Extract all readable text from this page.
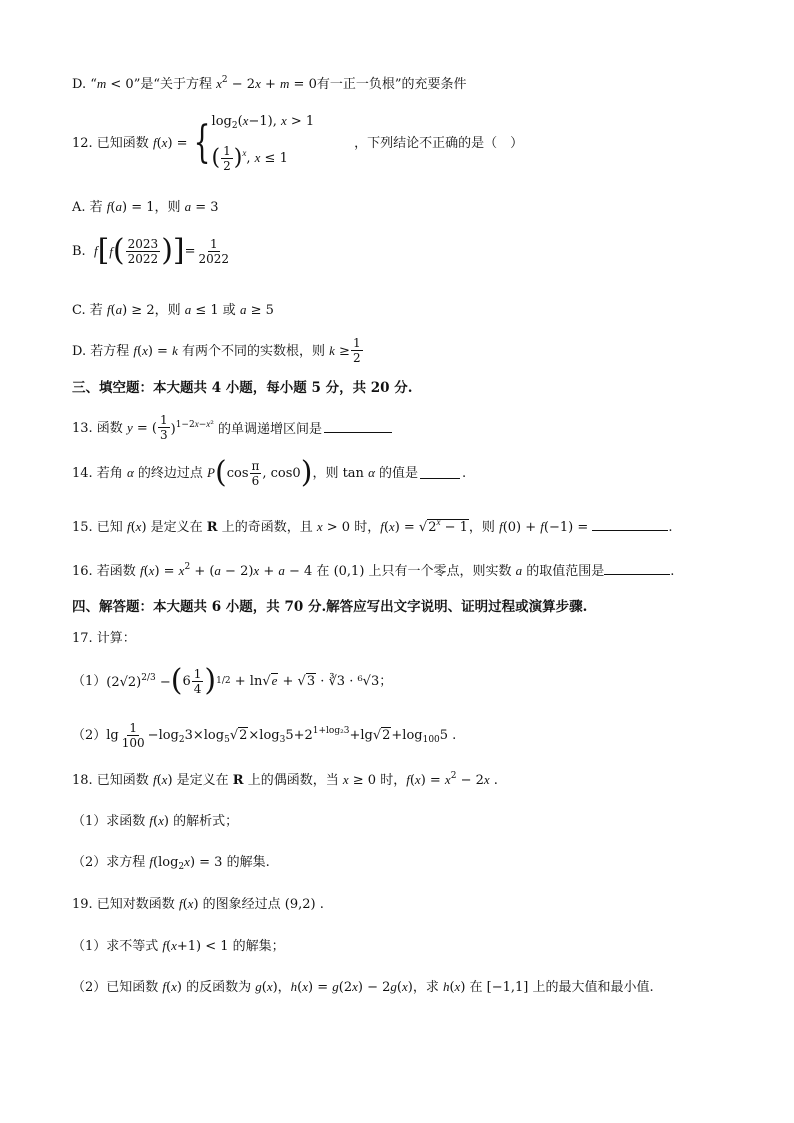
D. “m < 0”是“关于方程 $x^2 - 2x + m = 0$有一正一负根”的充要条件
12. 已知函数 f(x) = { $\log_2(x-1)$, x > 1
( $\frac{1}{2} )^x$, x ≤ 1
，下列结论不正确的是（　）
A. 若 f(a) = 1，则 a = 3
B.  f [ f ( $\frac{2023}{2022}$ ) ] = $\frac{1}{2022}$
C. 若 f(a) ≥ 2，则 a ≤ 1 或 a ≥ 5
D. 若方程 f(x) = k 有两个不同的实数根，则 $k \ge \frac{1}{2}$
三、填空题：本大题共 4 小题，每小题 5 分，共 20 分.
13. 函数 y = ( $\frac{1}{3} )^{1-2x-x^2}$ 的单调递增区间是
14. 若角 α 的终边过点 P ( $\cos \frac{\pi}{6}$ , cos0 ) ，则 tan α 的值是	.
15. 已知 f(x) 是定义在 R 上的奇函数，且 x > 0 时，$f(x) = √2^x - 1$，则 f(0) + f(−1) =	.
16. 若函数 $f(x) = x^2 + (a - 2)x + a - 4$ 在 (0,1) 上只有一个零点，则实数 a 的取值范围是	.
四、解答题：本大题共 6 小题，共 70 分.解答应写出文字说明、证明过程或演算步骤.
17. 计算：
（1） $(2√2)^{2/3}$ − ( $6 \frac{1}{4}$ ) 1/2 + ln√e + √3 · ∛3 · ⁶√3；
$(2)\lg \frac{1}{100} -\log_23\times\log_5√2\times\log_35+2^{1+log_23}+\lg√2+\log_{100}5$ .
18. 已知函数 f(x) 是定义在 R 上的偶函数，当 x ≥ 0 时，$f(x) = x^2 - 2x$ .
（1）求函数 f(x) 的解析式；
（2）求方程 $f(\log_2x) = 3$ 的解集.
19. 已知对数函数 f(x) 的图象经过点 (9,2) .
（1）求不等式 f(x+1) < 1 的解集；
（2）已知函数 f(x) 的反函数为 g(x)，h(x) = g(2x) − 2g(x)，求 h(x) 在 [−1,1] 上的最大值和最小值.
